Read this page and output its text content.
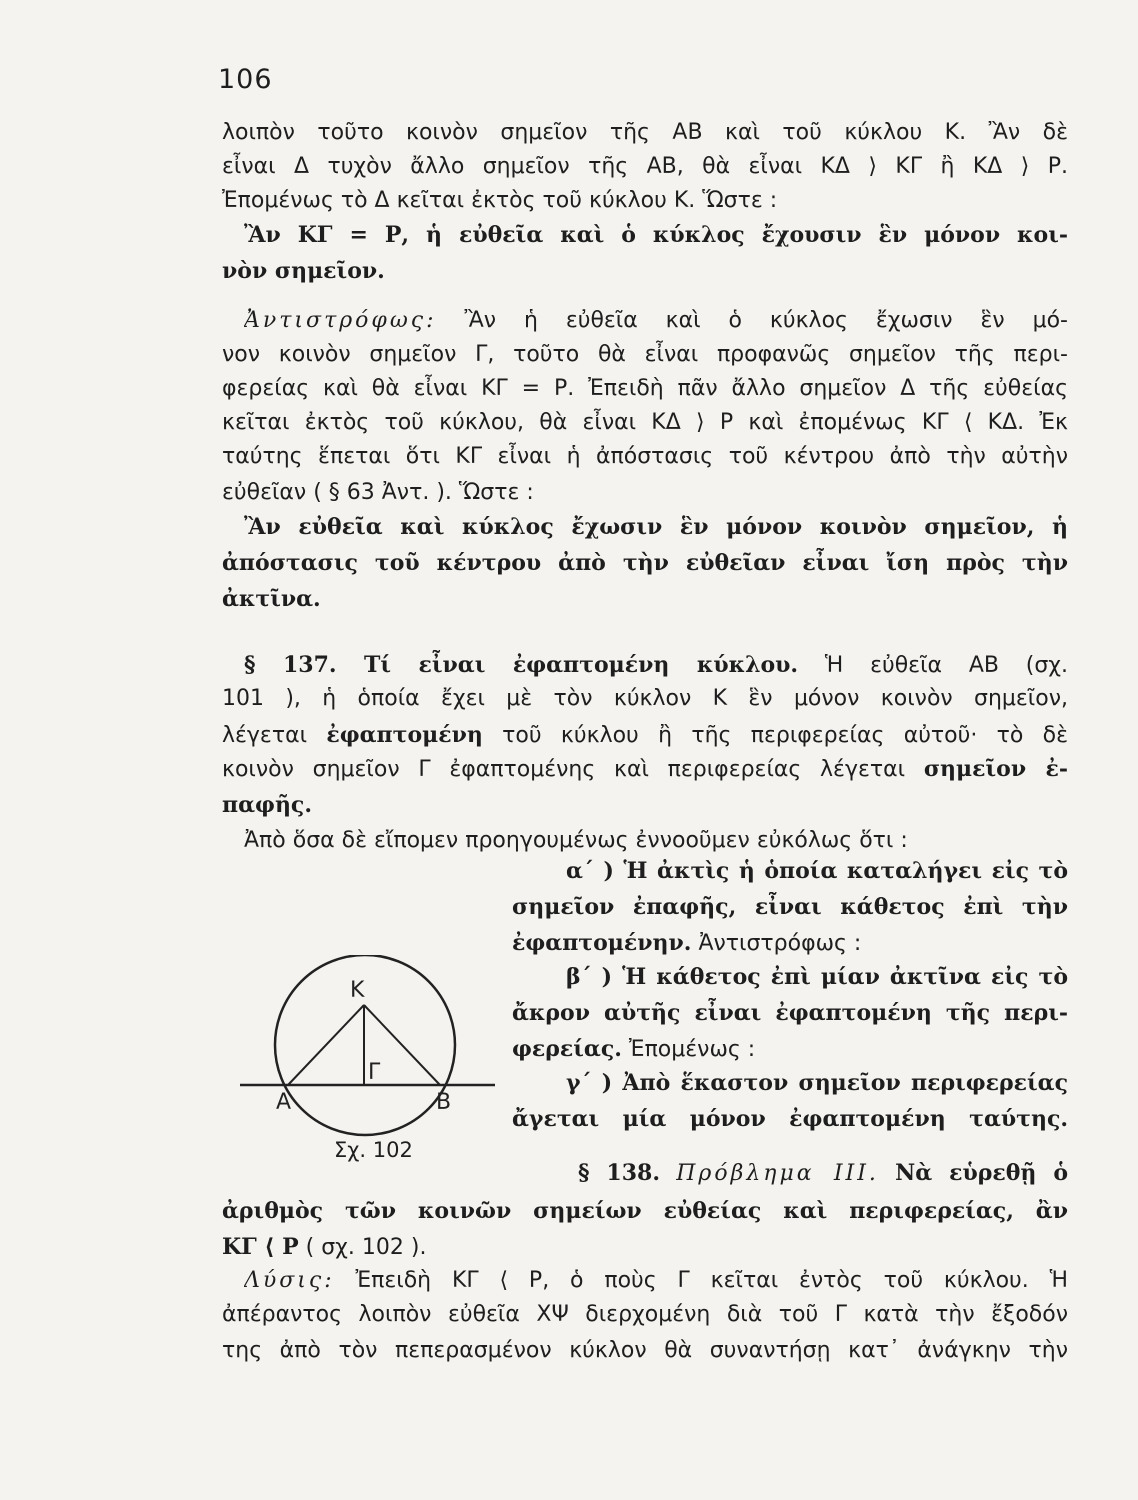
106
λοιπὸν τοῦτο κοινὸν σημεῖον τῆς ΑΒ καὶ τοῦ κύκλου Κ. Ἂν δὲ
εἶναι Δ τυχὸν ἄλλο σημεῖον τῆς ΑΒ, θὰ εἶναι ΚΔ ⟩ ΚΓ ἢ ΚΔ ⟩ Ρ.
Ἐπομένως τὸ Δ κεῖται ἐκτὸς τοῦ κύκλου Κ. Ὥστε :
Ἂν ΚΓ = Ρ, ἡ εὐθεῖα καὶ ὁ κύκλος ἔχουσιν ἓν μόνον κοι-
νὸν σημεῖον.
Ἀντιστρόφως: Ἂν ἡ εὐθεῖα καὶ ὁ κύκλος ἔχωσιν ἓν μό-
νον κοινὸν σημεῖον Γ, τοῦτο θὰ εἶναι προφανῶς σημεῖον τῆς περι-
φερείας καὶ θὰ εἶναι ΚΓ = Ρ. Ἐπειδὴ πᾶν ἄλλο σημεῖον Δ τῆς εὐθείας
κεῖται ἐκτὸς τοῦ κύκλου, θὰ εἶναι ΚΔ ⟩ Ρ καὶ ἐπομένως ΚΓ ⟨ ΚΔ. Ἐκ
ταύτης ἕπεται ὅτι ΚΓ εἶναι ἡ ἀπόστασις τοῦ κέντρου ἀπὸ τὴν αὐτὴν
εὐθεῖαν ( § 63 Ἀντ. ). Ὥστε :
Ἂν εὐθεῖα καὶ κύκλος ἔχωσιν ἓν μόνον κοινὸν σημεῖον, ἡ
ἀπόστασις τοῦ κέντρου ἀπὸ τὴν εὐθεῖαν εἶναι ἴση πρὸς τὴν
ἀκτῖνα.
§ 137. Τί εἶναι ἐφαπτομένη κύκλου. Ἡ εὐθεῖα ΑΒ (σχ.
101 ), ἡ ὁποία ἔχει μὲ τὸν κύκλον Κ ἓν μόνον κοινὸν σημεῖον,
λέγεται ἐφαπτομένη τοῦ κύκλου ἢ τῆς περιφερείας αὐτοῦ· τὸ δὲ
κοινὸν σημεῖον Γ ἐφαπτομένης καὶ περιφερείας λέγεται σημεῖον ἐ-
παφῆς.
Ἀπὸ ὅσα δὲ εἴπομεν προηγουμένως ἐννοοῦμεν εὐκόλως ὅτι :
α΄ ) Ἡ ἀκτὶς ἡ ὁποία καταλήγει εἰς τὸ
σημεῖον ἐπαφῆς, εἶναι κάθετος ἐπὶ τὴν
ἐφαπτομένην. Ἀντιστρόφως :
β΄ ) Ἡ κάθετος ἐπὶ μίαν ἀκτῖνα εἰς τὸ
ἄκρον αὐτῆς εἶναι ἐφαπτομένη τῆς περι-
φερείας. Ἐπομένως :
γ΄ ) Ἀπὸ ἕκαστον σημεῖον περιφερείας
ἄγεται μία μόνον ἐφαπτομένη ταύτης.
Κ
Γ
Α	Β
Σχ. 102
§ 138. Πρόβλημα ΙΙΙ. Νὰ εὑρεθῇ ὁ
ἀριθμὸς τῶν κοινῶν σημείων εὐθείας καὶ περιφερείας, ἂν
ΚΓ ⟨ Ρ ( σχ. 102 ).
Λύσις: Ἐπειδὴ ΚΓ ⟨ Ρ, ὁ ποὺς Γ κεῖται ἐντὸς τοῦ κύκλου. Ἡ
ἀπέραντος λοιπὸν εὐθεῖα ΧΨ διερχομένη διὰ τοῦ Γ κατὰ τὴν ἔξοδόν
της ἀπὸ τὸν πεπερασμένον κύκλον θὰ συναντήσῃ κατ᾽ ἀνάγκην τὴν
